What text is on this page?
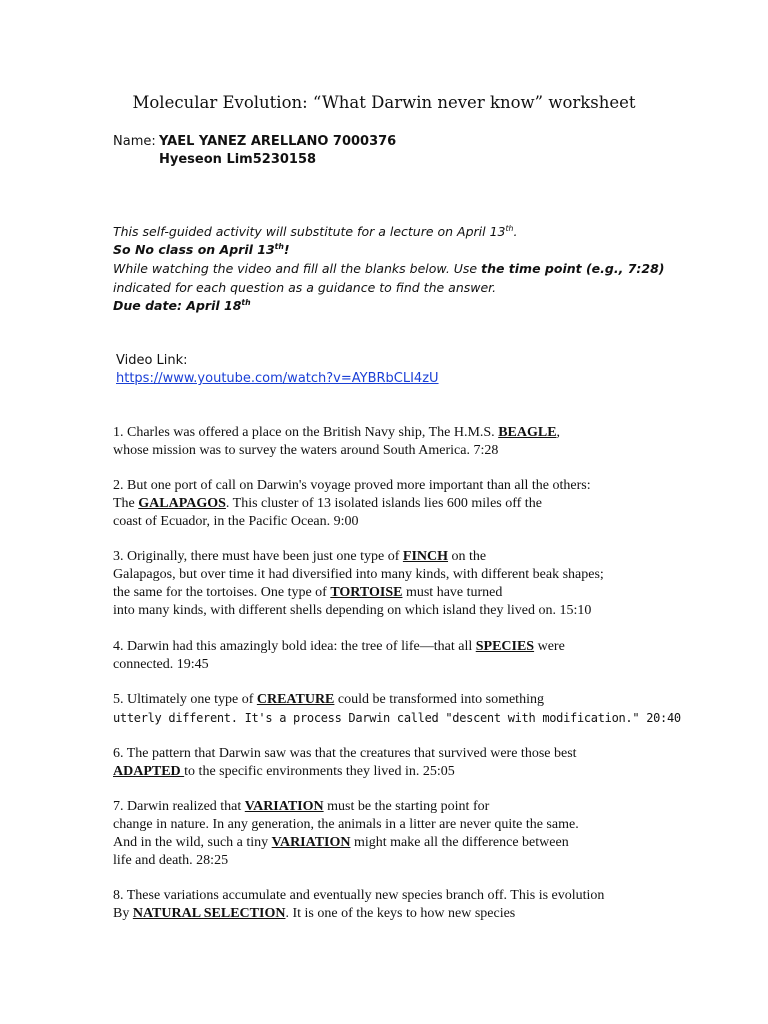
Molecular Evolution: “What Darwin never know” worksheet
Name: YAEL YANEZ ARELLANO 7000376
Hyeseon Lim5230158
This self-guided activity will substitute for a lecture on April 13th.
So No class on April 13th!
While watching the video and fill all the blanks below. Use the time point (e.g., 7:28)
indicated for each question as a guidance to find the answer.
Due date: April 18th
Video Link:
https://www.youtube.com/watch?v=AYBRbCLI4zU
1. Charles was offered a place on the British Navy ship, The H.M.S. BEAGLE,
whose mission was to survey the waters around South America. 7:28
2. But one port of call on Darwin's voyage proved more important than all the others:
The GALAPAGOS. This cluster of 13 isolated islands lies 600 miles off the
coast of Ecuador, in the Pacific Ocean. 9:00
3. Originally, there must have been just one type of FINCH on the
Galapagos, but over time it had diversified into many kinds, with different beak shapes;
the same for the tortoises. One type of TORTOISE must have turned
into many kinds, with different shells depending on which island they lived on. 15:10
4. Darwin had this amazingly bold idea: the tree of life—that all SPECIES were
connected. 19:45
5. Ultimately one type of CREATURE could be transformed into something
utterly different. It's a process Darwin called "descent with modification." 20:40
6. The pattern that Darwin saw was that the creatures that survived were those best
ADAPTED to the specific environments they lived in. 25:05
7. Darwin realized that VARIATION must be the starting point for
change in nature. In any generation, the animals in a litter are never quite the same.
And in the wild, such a tiny VARIATION might make all the difference between
life and death. 28:25
8. These variations accumulate and eventually new species branch off. This is evolution
By NATURAL SELECTION. It is one of the keys to how new species
